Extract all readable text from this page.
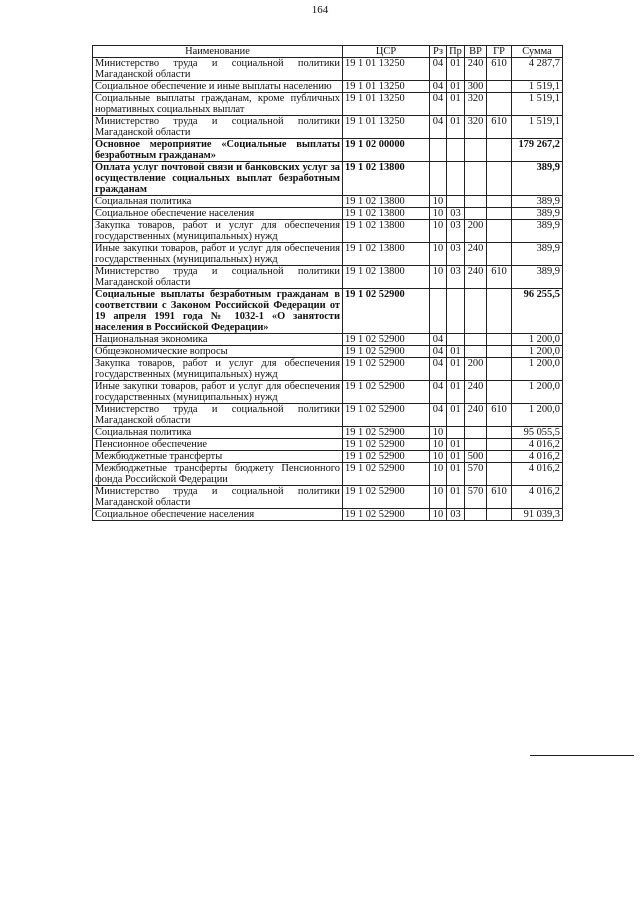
164
Наименование	ЦСР	Рз	Пр	ВР	ГР	Сумма
Министерство труда и социальной политики Магаданской области	19 1 01 13250	04	01	240	610	4 287,7
Социальное обеспечение и иные выплаты населению	19 1 01 13250	04	01	300		1 519,1
Социальные выплаты гражданам, кроме публичных нормативных социальных выплат	19 1 01 13250	04	01	320		1 519,1
Министерство труда и социальной политики Магаданской области	19 1 01 13250	04	01	320	610	1 519,1
Основное мероприятие «Социальные выплаты безработным гражданам»	19 1 02 00000					179 267,2
Оплата услуг почтовой связи и банковских услуг за осуществление социальных выплат безработным гражданам	19 1 02 13800					389,9
Социальная политика	19 1 02 13800	10				389,9
Социальное обеспечение населения	19 1 02 13800	10	03			389,9
Закупка товаров, работ и услуг для обеспечения государственных (муниципальных) нужд	19 1 02 13800	10	03	200		389,9
Иные закупки товаров, работ и услуг для обеспечения государственных (муниципальных) нужд	19 1 02 13800	10	03	240		389,9
Министерство труда и социальной политики Магаданской области	19 1 02 13800	10	03	240	610	389,9
Социальные выплаты безработным гражданам в соответствии с Законом Российской Федерации от 19 апреля 1991 года № 1032-1 «О занятости населения в Российской Федерации»	19 1 02 52900					96 255,5
Национальная экономика	19 1 02 52900	04				1 200,0
Общеэкономические вопросы	19 1 02 52900	04	01			1 200,0
Закупка товаров, работ и услуг для обеспечения государственных (муниципальных) нужд	19 1 02 52900	04	01	200		1 200,0
Иные закупки товаров, работ и услуг для обеспечения государственных (муниципальных) нужд	19 1 02 52900	04	01	240		1 200,0
Министерство труда и социальной политики Магаданской области	19 1 02 52900	04	01	240	610	1 200,0
Социальная политика	19 1 02 52900	10				95 055,5
Пенсионное обеспечение	19 1 02 52900	10	01			4 016,2
Межбюджетные трансферты	19 1 02 52900	10	01	500		4 016,2
Межбюджетные трансферты бюджету Пенсионного фонда Российской Федерации	19 1 02 52900	10	01	570		4 016,2
Министерство труда и социальной политики Магаданской области	19 1 02 52900	10	01	570	610	4 016,2
Социальное обеспечение населения	19 1 02 52900	10	03			91 039,3
